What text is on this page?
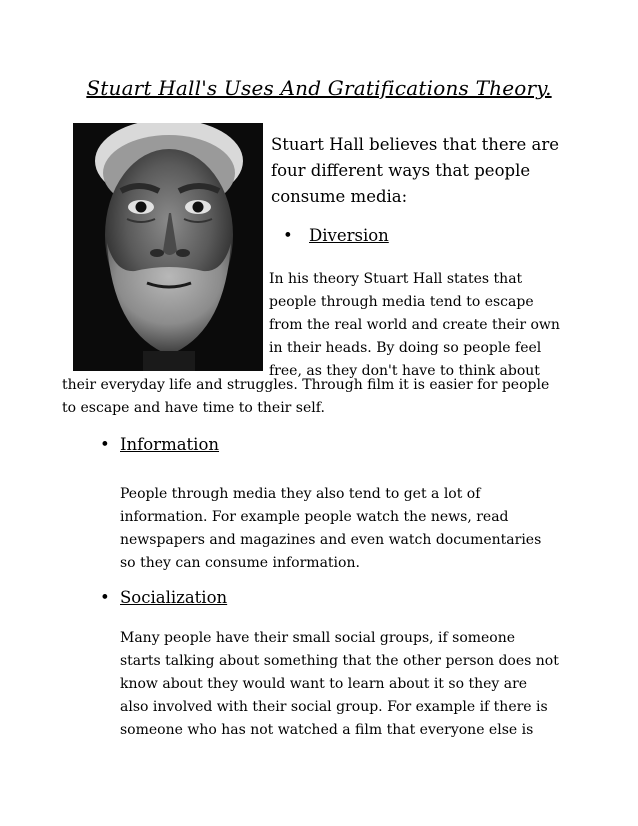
Stuart Hall's Uses And Gratifications Theory.
Stuart Hall believes that there are
four different ways that people
consume media:
• Diversion
In his theory Stuart Hall states that
people through media tend to escape
from the real world and create their own
in their heads. By doing so people feel
free, as they don't have to think about
their everyday life and struggles. Through film it is easier for people
to escape and have time to their self.
• Information
People through media they also tend to get a lot of
information. For example people watch the news, read
newspapers and magazines and even watch documentaries
so they can consume information.
• Socialization
Many people have their small social groups, if someone
starts talking about something that the other person does not
know about they would want to learn about it so they are
also involved with their social group. For example if there is
someone who has not watched a film that everyone else is
